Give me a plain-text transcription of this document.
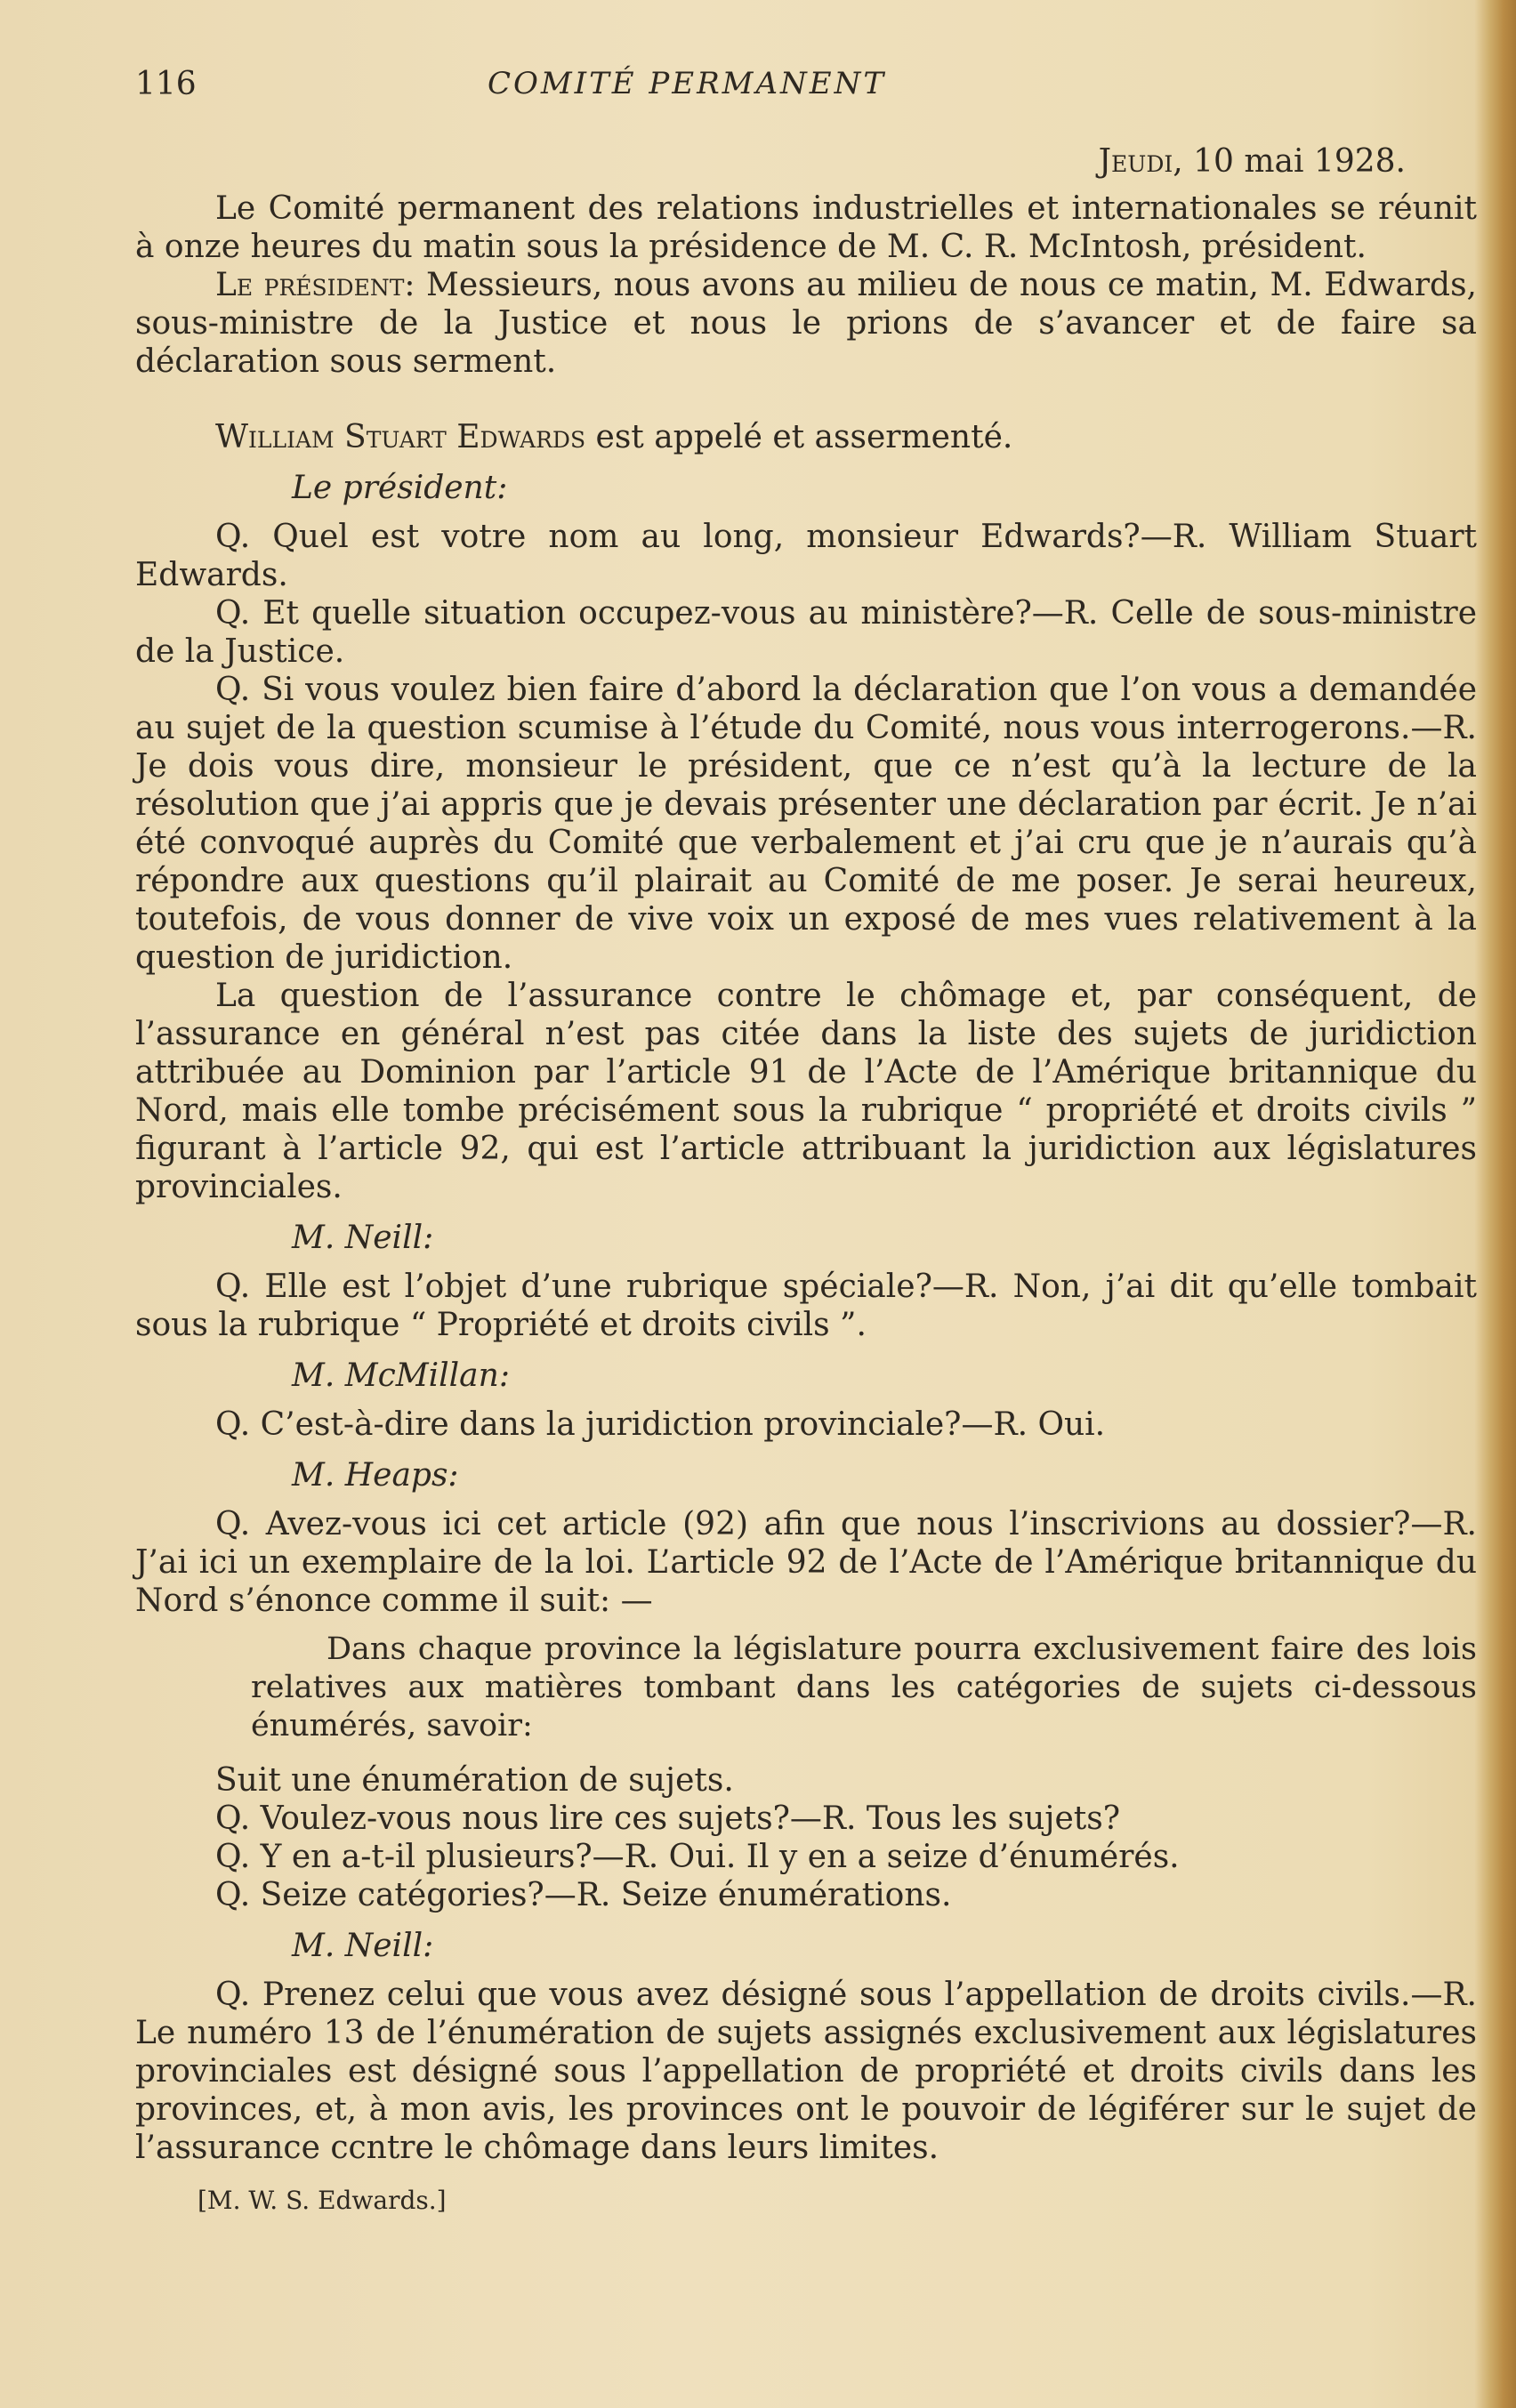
116	COMITÉ PERMANENT

Jeudi, 10 mai 1928.

Le Comité permanent des relations industrielles et internationales se réunit à onze heures du matin sous la présidence de M. C. R. McIntosh, président.

Le président: Messieurs, nous avons au milieu de nous ce matin, M. Edwards, sous-ministre de la Justice et nous le prions de s’avancer et de faire sa déclaration sous serment.

William Stuart Edwards est appelé et assermenté.

Le président:

Q. Quel est votre nom au long, monsieur Edwards?—R. William Stuart Edwards.

Q. Et quelle situation occupez-vous au ministère?—R. Celle de sous-ministre de la Justice.

Q. Si vous voulez bien faire d’abord la déclaration que l’on vous a demandée au sujet de la question scumise à l’étude du Comité, nous vous interrogerons.—R. Je dois vous dire, monsieur le président, que ce n’est qu’à la lecture de la résolution que j’ai appris que je devais présenter une déclaration par écrit. Je n’ai été convoqué auprès du Comité que verbalement et j’ai cru que je n’aurais qu’à répondre aux questions qu’il plairait au Comité de me poser. Je serai heureux, toutefois, de vous donner de vive voix un exposé de mes vues relativement à la question de juridiction.

La question de l’assurance contre le chômage et, par conséquent, de l’assurance en général n’est pas citée dans la liste des sujets de juridiction attribuée au Dominion par l’article 91 de l’Acte de l’Amérique britannique du Nord, mais elle tombe précisément sous la rubrique “ propriété et droits civils ” figurant à l’article 92, qui est l’article attribuant la juridiction aux législatures provinciales.

M. Neill:

Q. Elle est l’objet d’une rubrique spéciale?—R. Non, j’ai dit qu’elle tombait sous la rubrique “ Propriété et droits civils ”.

M. McMillan:

Q. C’est-à-dire dans la juridiction provinciale?—R. Oui.

M. Heaps:

Q. Avez-vous ici cet article (92) afin que nous l’inscrivions au dossier?—R. J’ai ici un exemplaire de la loi. L’article 92 de l’Acte de l’Amérique britannique du Nord s’énonce comme il suit: —

Dans chaque province la législature pourra exclusivement faire des lois relatives aux matières tombant dans les catégories de sujets ci-dessous énumérés, savoir:

Suit une énumération de sujets.

Q. Voulez-vous nous lire ces sujets?—R. Tous les sujets?

Q. Y en a-t-il plusieurs?—R. Oui. Il y en a seize d’énumérés.

Q. Seize catégories?—R. Seize énumérations.

M. Neill:

Q. Prenez celui que vous avez désigné sous l’appellation de droits civils.—R. Le numéro 13 de l’énumération de sujets assignés exclusivement aux législatures provinciales est désigné sous l’appellation de propriété et droits civils dans les provinces, et, à mon avis, les provinces ont le pouvoir de légiférer sur le sujet de l’assurance ccntre le chômage dans leurs limites.

[M. W. S. Edwards.]
